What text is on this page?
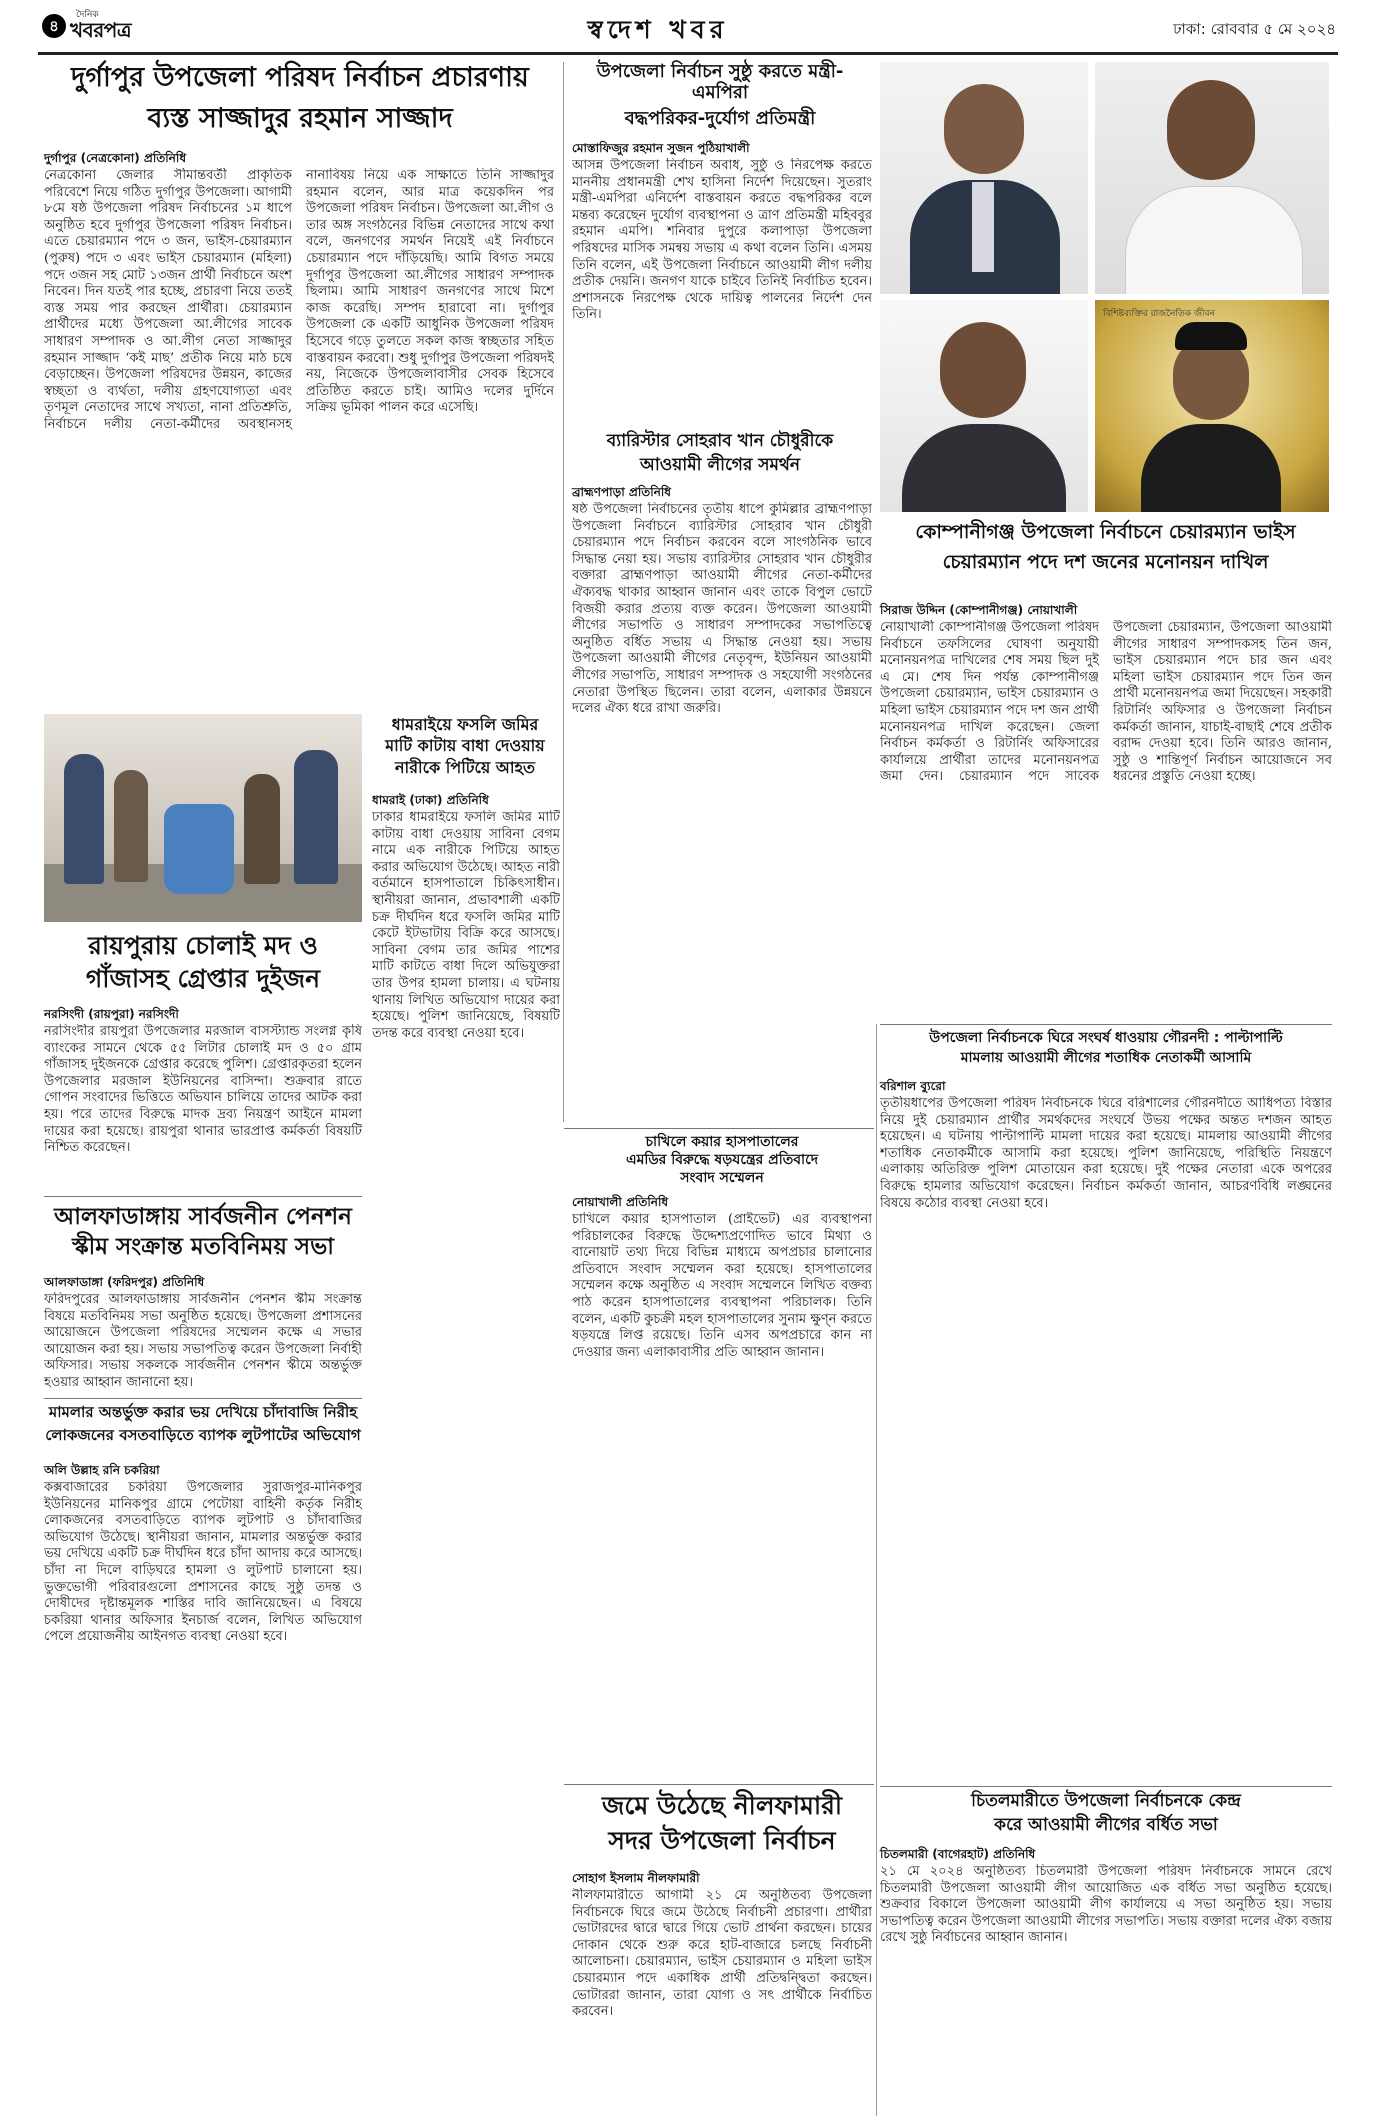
৪
দৈনিক
খবরপত্র	স্বদেশ খবর	ঢাকা: রোববার ৫ মে ২০২৪
দুর্গাপুর উপজেলা পরিষদ নির্বাচন প্রচারণায়
ব্যস্ত সাজ্জাদুর রহমান সাজ্জাদ
দুর্গাপুর (নেত্রকোনা) প্রতিনিধি
নেত্রকোনা জেলার সীমান্তবর্তী প্রাকৃতিক পরিবেশে নিয়ে গঠিত দুর্গাপুর উপজেলা। আগামী ৮মে ষষ্ঠ উপজেলা পরিষদ নির্বাচনের ১ম ধাপে অনুষ্ঠিত হবে দুর্গাপুর উপজেলা পরিষদ নির্বাচন। এতে চেয়ারম্যান পদে ৩ জন, ভাইস-চেয়ারম্যান (পুরুষ) পদে ৩ এবং ভাইস চেয়ারম্যান (মহিলা) পদে ৩জন সহ মোট ১৩জন প্রার্থী নির্বাচনে অংশ নিবেন। দিন যতই পার হচ্ছে, প্রচারণা নিয়ে ততই ব্যস্ত সময় পার করছেন প্রার্থীরা। চেয়ারম্যান প্রার্থীদের মধ্যে উপজেলা আ.লীগের সাবেক সাধারণ সম্পাদক ও আ.লীগ নেতা সাজ্জাদুর রহমান সাজ্জাদ ‘কই মাছ’ প্রতীক নিয়ে মাঠ চষে বেড়াচ্ছেন। উপজেলা পরিষদের উন্নয়ন, কাজের স্বচ্ছতা ও ব্যর্থতা, দলীয় গ্রহণযোগ্যতা এবং তৃণমূল নেতাদের সাথে সখ্যতা, নানা প্রতিশ্রুতি, নির্বাচনে দলীয় নেতা-কর্মীদের অবস্থানসহ নানাবিষয় নিয়ে এক সাক্ষাতে তিনি সাজ্জাদুর রহমান বলেন, আর মাত্র কয়েকদিন পর উপজেলা পরিষদ নির্বাচন। উপজেলা আ.লীগ ও তার অঙ্গ সংগঠনের বিভিন্ন নেতাদের সাথে কথা বলে, জনগণের সমর্থন নিয়েই এই নির্বাচনে চেয়ারম্যান পদে দাঁড়িয়েছি। আমি বিগত সময়ে দুর্গাপুর উপজেলা আ.লীগের সাধারণ সম্পাদক ছিলাম। আমি সাধারণ জনগণের সাথে মিশে কাজ করেছি। সম্পদ হারাবো না। দুর্গাপুর উপজেলা কে একটি আধুনিক উপজেলা পরিষদ হিসেবে গড়ে তুলতে সকল কাজ স্বচ্ছতার সহিত বাস্তবায়ন করবো। শুধু দুর্গাপুর উপজেলা পরিষদই নয়, নিজেকে উপজেলাবাসীর সেবক হিসেবে প্রতিষ্ঠিত করতে চাই। আমিও দলের দুর্দিনে সক্রিয় ভূমিকা পালন করে এসেছি।
উপজেলা নির্বাচন সুষ্ঠু করতে মন্ত্রী-এমপিরা
বদ্ধপরিকর-দুর্যোগ প্রতিমন্ত্রী
মোস্তাফিজুর রহমান সুজন পুঠিয়াখালী
আসন্ন উপজেলা নির্বাচন অবাধ, সুষ্ঠু ও নিরপেক্ষ করতে মাননীয় প্রধানমন্ত্রী শেখ হাসিনা নির্দেশ দিয়েছেন। সুতরাং মন্ত্রী-এমপিরা এনির্দেশ বাস্তবায়ন করতে বদ্ধপরিকর বলে মন্তব্য করেছেন দুর্যোগ ব্যবস্থাপনা ও ত্রাণ প্রতিমন্ত্রী মহিববুর রহমান এমপি। শনিবার দুপুরে কলাপাড়া উপজেলা পরিষদের মাসিক সমন্বয় সভায় এ কথা বলেন তিনি। এসময় তিনি বলেন, এই উপজেলা নির্বাচনে আওয়ামী লীগ দলীয় প্রতীক দেয়নি। জনগণ যাকে চাইবে তিনিই নির্বাচিত হবেন। প্রশাসনকে নিরপেক্ষ থেকে দায়িত্ব পালনের নির্দেশ দেন তিনি।	বিশিষ্টব্যক্তির রাজনৈতিক জীবন
ব্যারিস্টার সোহরাব খান চৌধুরীকে
আওয়ামী লীগের সমর্থন
ব্রাহ্মণপাড়া প্রতিনিধি
ষষ্ঠ উপজেলা নির্বাচনের তৃতীয় ধাপে কুমিল্লার ব্রাহ্মণপাড়া উপজেলা নির্বাচনে ব্যারিস্টার সোহরাব খান চৌধুরী চেয়ারম্যান পদে নির্বাচন করবেন বলে সাংগঠনিক ভাবে সিদ্ধান্ত নেয়া হয়। সভায় ব্যারিস্টার সোহরাব খান চৌধুরীর বক্তারা ব্রাহ্মণপাড়া আওয়ামী লীগের নেতা-কর্মীদের ঐক্যবদ্ধ থাকার আহ্বান জানান এবং তাকে বিপুল ভোটে বিজয়ী করার প্রত্যয় ব্যক্ত করেন। উপজেলা আওয়ামী লীগের সভাপতি ও সাধারণ সম্পাদকের সভাপতিত্বে অনুষ্ঠিত বর্ধিত সভায় এ সিদ্ধান্ত নেওয়া হয়। সভায় উপজেলা আওয়ামী লীগের নেতৃবৃন্দ, ইউনিয়ন আওয়ামী লীগের সভাপতি, সাধারণ সম্পাদক ও সহযোগী সংগঠনের নেতারা উপস্থিত ছিলেন। তারা বলেন, এলাকার উন্নয়নে দলের ঐক্য ধরে রাখা জরুরি।
কোম্পানীগঞ্জ উপজেলা নির্বাচনে চেয়ারম্যান ভাইস
চেয়ারম্যান পদে দশ জনের মনোনয়ন দাখিল
সিরাজ উদ্দিন (কোম্পানীগঞ্জ) নোয়াখালী
নোয়াখালী কোম্পানীগঞ্জ উপজেলা পরিষদ নির্বাচনে তফসিলের ঘোষণা অনুযায়ী মনোনয়নপত্র দাখিলের শেষ সময় ছিল দুই এ মে। শেষ দিন পর্যন্ত কোম্পানীগঞ্জ উপজেলা চেয়ারম্যান, ভাইস চেয়ারম্যান ও মহিলা ভাইস চেয়ারম্যান পদে দশ জন প্রার্থী মনোনয়নপত্র দাখিল করেছেন। জেলা নির্বাচন কর্মকর্তা ও রিটার্নিং অফিসারের কার্যালয়ে প্রার্থীরা তাদের মনোনয়নপত্র জমা দেন। চেয়ারম্যান পদে সাবেক উপজেলা চেয়ারম্যান, উপজেলা আওয়ামী লীগের সাধারণ সম্পাদকসহ তিন জন, ভাইস চেয়ারম্যান পদে চার জন এবং মহিলা ভাইস চেয়ারম্যান পদে তিন জন প্রার্থী মনোনয়নপত্র জমা দিয়েছেন। সহকারী রিটার্নিং অফিসার ও উপজেলা নির্বাচন কর্মকর্তা জানান, যাচাই-বাছাই শেষে প্রতীক বরাদ্দ দেওয়া হবে। তিনি আরও জানান, সুষ্ঠু ও শান্তিপূর্ণ নির্বাচন আয়োজনে সব ধরনের প্রস্তুতি নেওয়া হচ্ছে।
রায়পুরায় চোলাই মদ ও
গাঁজাসহ গ্রেপ্তার দুইজন
নরসিংদী (রায়পুরা) নরসিংদী
নরসিংদীর রায়পুরা উপজেলার মরজাল বাসস্ট্যান্ড সংলগ্ন কৃষি ব্যাংকের সামনে থেকে ৫৫ লিটার চোলাই মদ ও ৫০ গ্রাম গাঁজাসহ দুইজনকে গ্রেপ্তার করেছে পুলিশ। গ্রেপ্তারকৃতরা হলেন উপজেলার মরজাল ইউনিয়নের বাসিন্দা। শুক্রবার রাতে গোপন সংবাদের ভিত্তিতে অভিযান চালিয়ে তাদের আটক করা হয়। পরে তাদের বিরুদ্ধে মাদক দ্রব্য নিয়ন্ত্রণ আইনে মামলা দায়ের করা হয়েছে। রায়পুরা থানার ভারপ্রাপ্ত কর্মকর্তা বিষয়টি নিশ্চিত করেছেন।
ধামরাইয়ে ফসলি জমির
মাটি কাটায় বাধা দেওয়ায়
নারীকে পিটিয়ে আহত
ধামরাই (ঢাকা) প্রতিনিধি
ঢাকার ধামরাইয়ে ফসলি জমির মাটি কাটায় বাধা দেওয়ায় সাবিনা বেগম নামে এক নারীকে পিটিয়ে আহত করার অভিযোগ উঠেছে। আহত নারী বর্তমানে হাসপাতালে চিকিৎসাধীন। স্থানীয়রা জানান, প্রভাবশালী একটি চক্র দীর্ঘদিন ধরে ফসলি জমির মাটি কেটে ইটভাটায় বিক্রি করে আসছে। সাবিনা বেগম তার জমির পাশের মাটি কাটতে বাধা দিলে অভিযুক্তরা তার উপর হামলা চালায়। এ ঘটনায় থানায় লিখিত অভিযোগ দায়ের করা হয়েছে। পুলিশ জানিয়েছে, বিষয়টি তদন্ত করে ব্যবস্থা নেওয়া হবে।
আলফাডাঙ্গায় সার্বজনীন পেনশন
স্কীম সংক্রান্ত মতবিনিময় সভা
আলফাডাঙ্গা (ফরিদপুর) প্রতিনিধি
ফরিদপুরের আলফাডাঙ্গায় সার্বজনীন পেনশন স্কীম সংক্রান্ত বিষয়ে মতবিনিময় সভা অনুষ্ঠিত হয়েছে। উপজেলা প্রশাসনের আয়োজনে উপজেলা পরিষদের সম্মেলন কক্ষে এ সভার আয়োজন করা হয়। সভায় সভাপতিত্ব করেন উপজেলা নির্বাহী অফিসার। সভায় সকলকে সার্বজনীন পেনশন স্কীমে অন্তর্ভুক্ত হওয়ার আহ্বান জানানো হয়।
মামলার অন্তর্ভুক্ত করার ভয় দেখিয়ে চাঁদাবাজি নিরীহ
লোকজনের বসতবাড়িতে ব্যাপক লুটপাটের অভিযোগ
অলি উল্লাহ রনি চকরিয়া
কক্সবাজারের চকরিয়া উপজেলার সুরাজপুর-মানিকপুর ইউনিয়নের মানিকপুর গ্রামে পেটোয়া বাহিনী কর্তৃক নিরীহ লোকজনের বসতবাড়িতে ব্যাপক লুটপাট ও চাঁদাবাজির অভিযোগ উঠেছে। স্থানীয়রা জানান, মামলার অন্তর্ভুক্ত করার ভয় দেখিয়ে একটি চক্র দীর্ঘদিন ধরে চাঁদা আদায় করে আসছে। চাঁদা না দিলে বাড়িঘরে হামলা ও লুটপাট চালানো হয়। ভুক্তভোগী পরিবারগুলো প্রশাসনের কাছে সুষ্ঠু তদন্ত ও দোষীদের দৃষ্টান্তমূলক শাস্তির দাবি জানিয়েছেন। এ বিষয়ে চকরিয়া থানার অফিসার ইনচার্জ বলেন, লিখিত অভিযোগ পেলে প্রয়োজনীয় আইনগত ব্যবস্থা নেওয়া হবে।
চাখিলে কয়ার হাসপাতালের
এমডির বিরুদ্ধে ষড়যন্ত্রের প্রতিবাদে
সংবাদ সম্মেলন
নোয়াখালী প্রতিনিধি
চাখিলে কয়ার হাসপাতাল (প্রাইভেট) এর ব্যবস্থাপনা পরিচালকের বিরুদ্ধে উদ্দেশ্যপ্রণোদিত ভাবে মিথ্যা ও বানোয়াট তথ্য দিয়ে বিভিন্ন মাধ্যমে অপপ্রচার চালানোর প্রতিবাদে সংবাদ সম্মেলন করা হয়েছে। হাসপাতালের সম্মেলন কক্ষে অনুষ্ঠিত এ সংবাদ সম্মেলনে লিখিত বক্তব্য পাঠ করেন হাসপাতালের ব্যবস্থাপনা পরিচালক। তিনি বলেন, একটি কুচক্রী মহল হাসপাতালের সুনাম ক্ষুণ্ন করতে ষড়যন্ত্রে লিপ্ত রয়েছে। তিনি এসব অপপ্রচারে কান না দেওয়ার জন্য এলাকাবাসীর প্রতি আহ্বান জানান।
জমে উঠেছে নীলফামারী
সদর উপজেলা নির্বাচন
সোহাগ ইসলাম নীলফামারী
নীলফামারীতে আগামী ২১ মে অনুষ্ঠিতব্য উপজেলা নির্বাচনকে ঘিরে জমে উঠেছে নির্বাচনী প্রচারণা। প্রার্থীরা ভোটারদের দ্বারে দ্বারে গিয়ে ভোট প্রার্থনা করছেন। চায়ের দোকান থেকে শুরু করে হাট-বাজারে চলছে নির্বাচনী আলোচনা। চেয়ারম্যান, ভাইস চেয়ারম্যান ও মহিলা ভাইস চেয়ারম্যান পদে একাধিক প্রার্থী প্রতিদ্বন্দ্বিতা করছেন। ভোটাররা জানান, তারা যোগ্য ও সৎ প্রার্থীকে নির্বাচিত করবেন।
উপজেলা নির্বাচনকে ঘিরে সংঘর্ষ ধাওয়ায় গৌরনদী : পাল্টাপাল্টি
মামলায় আওয়ামী লীগের শতাধিক নেতাকর্মী আসামি
বরিশাল ব্যুরো
তৃতীয়ধাপের উপজেলা পরিষদ নির্বাচনকে ঘিরে বরিশালের গৌরনদীতে আধিপত্য বিস্তার নিয়ে দুই চেয়ারম্যান প্রার্থীর সমর্থকদের সংঘর্ষে উভয় পক্ষের অন্তত দশজন আহত হয়েছেন। এ ঘটনায় পাল্টাপাল্টি মামলা দায়ের করা হয়েছে। মামলায় আওয়ামী লীগের শতাধিক নেতাকর্মীকে আসামি করা হয়েছে। পুলিশ জানিয়েছে, পরিস্থিতি নিয়ন্ত্রণে এলাকায় অতিরিক্ত পুলিশ মোতায়েন করা হয়েছে। দুই পক্ষের নেতারা একে অপরের বিরুদ্ধে হামলার অভিযোগ করেছেন। নির্বাচন কর্মকর্তা জানান, আচরণবিধি লঙ্ঘনের বিষয়ে কঠোর ব্যবস্থা নেওয়া হবে।
চিতলমারীতে উপজেলা নির্বাচনকে কেন্দ্র
করে আওয়ামী লীগের বর্ধিত সভা
চিতলমারী (বাগেরহাট) প্রতিনিধি
২১ মে ২০২৪ অনুষ্ঠিতব্য চিতলমারী উপজেলা পরিষদ নির্বাচনকে সামনে রেখে চিতলমারী উপজেলা আওয়ামী লীগ আয়োজিত এক বর্ধিত সভা অনুষ্ঠিত হয়েছে। শুক্রবার বিকালে উপজেলা আওয়ামী লীগ কার্যালয়ে এ সভা অনুষ্ঠিত হয়। সভায় সভাপতিত্ব করেন উপজেলা আওয়ামী লীগের সভাপতি। সভায় বক্তারা দলের ঐক্য বজায় রেখে সুষ্ঠু নির্বাচনের আহ্বান জানান।
